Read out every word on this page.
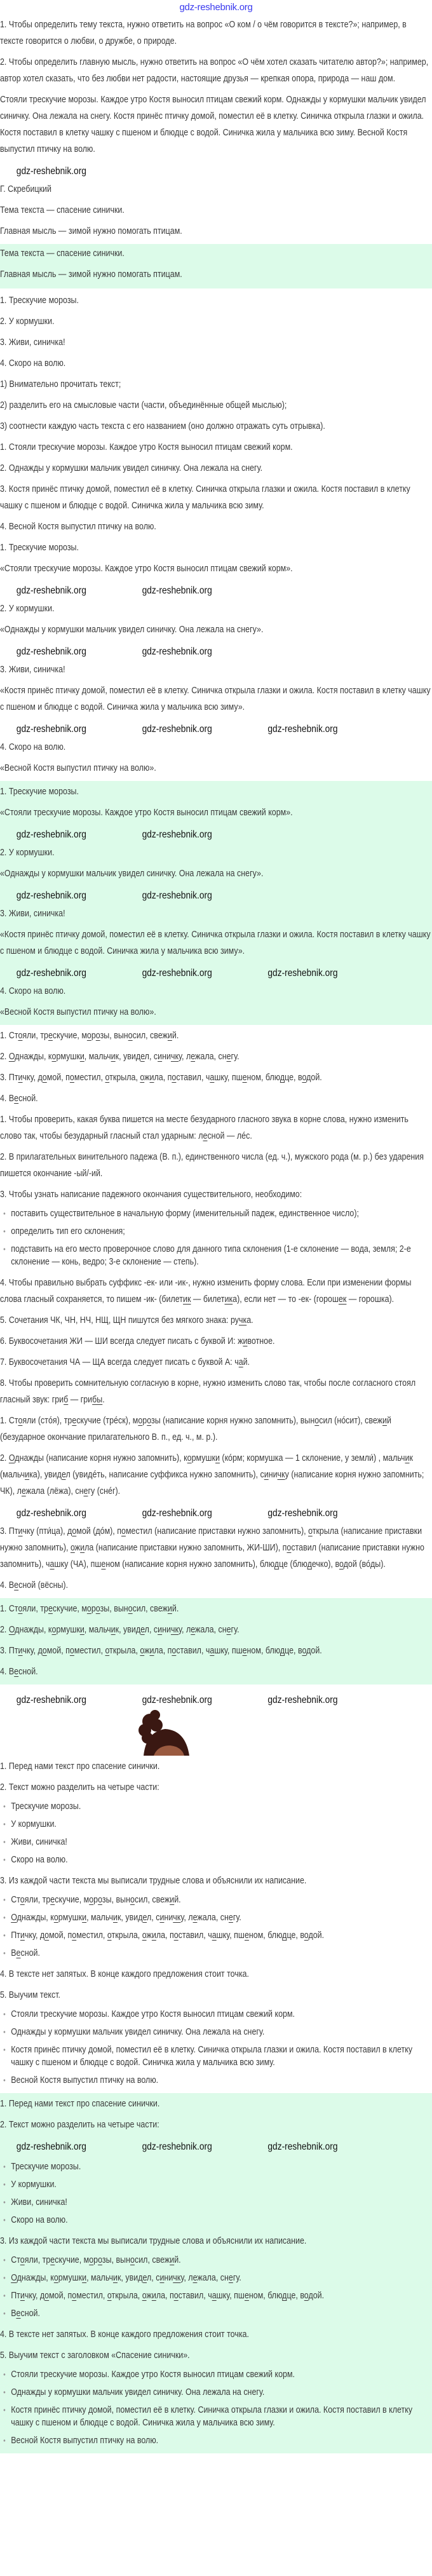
gdz-reshebnik.org

1. Чтобы определить тему текста, нужно ответить на вопрос «О ком / о чём говорится в тексте?»; например, в тексте говорится о любви, о дружбе, о природе.

2. Чтобы определить главную мысль, нужно ответить на вопрос «О чём хотел сказать читателю автор?»; например, автор хотел сказать, что без любви нет радости, настоящие друзья — крепкая опора, природа — наш дом.

Стояли трескучие морозы. Каждое утро Костя выносил птицам свежий корм. Однажды у кормушки мальчик увидел синичку. Она лежала на снегу. Костя принёс птичку домой, поместил её в клетку. Синичка открыла глазки и ожила. Костя поставил в клетку чашку с пшеном и блюдце с водой. Синичка жила у мальчика всю зиму. Весной Костя выпустил птичку на волю.

gdz-reshebnik.org

Г. Скребицкий

Тема текста — спасение синички.

Главная мысль — зимой нужно помогать птицам.

Тема текста — спасение синички.

Главная мысль — зимой нужно помогать птицам.

1. Трескучие морозы.

2. У кормушки.

3. Живи, синичка!

4. Скоро на волю.

1) Внимательно прочитать текст;

2) разделить его на смысловые части (части, объединённые общей мыслью);

3) соотнести каждую часть текста с его названием (оно должно отражать суть отрывка).

1. Стояли трескучие морозы. Каждое утро Костя выносил птицам свежий корм.

2. Однажды у кормушки мальчик увидел синичку. Она лежала на снегу.

3. Костя принёс птичку домой, поместил её в клетку. Синичка открыла глазки и ожила. Костя поставил в клетку чашку с пшеном и блюдце с водой. Синичка жила у мальчика всю зиму.

4. Весной Костя выпустил птичку на волю.

1. Трескучие морозы.

«Стояли трескучие морозы. Каждое утро Костя выносил птицам свежий корм».

gdz-reshebnik.org	gdz-reshebnik.org

2. У кормушки.

«Однажды у кормушки мальчик увидел синичку. Она лежала на снегу».

gdz-reshebnik.org	gdz-reshebnik.org

3. Живи, синичка!

«Костя принёс птичку домой, поместил её в клетку. Синичка открыла глазки и ожила. Костя поставил в клетку чашку с пшеном и блюдце с водой. Синичка жила у мальчика всю зиму».

gdz-reshebnik.org	gdz-reshebnik.org	gdz-reshebnik.org

4. Скоро на волю.

«Весной Костя выпустил птичку на волю».

1. Трескучие морозы.

«Стояли трескучие морозы. Каждое утро Костя выносил птицам свежий корм».

gdz-reshebnik.org	gdz-reshebnik.org

2. У кормушки.

«Однажды у кормушки мальчик увидел синичку. Она лежала на снегу».

gdz-reshebnik.org	gdz-reshebnik.org

3. Живи, синичка!

«Костя принёс птичку домой, поместил её в клетку. Синичка открыла глазки и ожила. Костя поставил в клетку чашку с пшеном и блюдце с водой. Синичка жила у мальчика всю зиму».

gdz-reshebnik.org	gdz-reshebnik.org	gdz-reshebnik.org

4. Скоро на волю.

«Весной Костя выпустил птичку на волю».

1. Стояли, трескучие, морозы, выносил, свежий.

2. Однажды, кормушки, мальчик, увидел, синичку, лежала, снегу.

3. Птичку, домой, поместил, открыла, ожила, поставил, чашку, пшеном, блюдце, водой.

4. Весной.

1. Чтобы проверить, какая буква пишется на месте безударного гласного звука в корне слова, нужно изменить слово так, чтобы безударный гласный стал ударным: лесной — лéс.

2. В прилагательных винительного падежа (В. п.), единственного числа (ед. ч.), мужского рода (м. р.) без ударения пишется окончание -ый/-ий.

3. Чтобы узнать написание падежного окончания существительного, необходимо:

• поставить существительное в начальную форму (именительный падеж, единственное число);
• определить тип его склонения;
• подставить на его место проверочное слово для данного типа склонения (1-е склонение — вода, земля; 2-е склонение — конь, ведро; 3-е склонение — степь).

4. Чтобы правильно выбрать суффикс -ек- или -ик-, нужно изменить форму слова. Если при изменении формы слова гласный сохраняется, то пишем -ик- (билетик — билетика), если нет — то -ек- (горошек — горошка).

5. Сочетания ЧК, ЧН, НЧ, НЩ, ЩН пишутся без мягкого знака: ручка.

6. Буквосочетания ЖИ — ШИ всегда следует писать с буквой И: животное.

7. Буквосочетания ЧА — ЩА всегда следует писать с буквой А: чай.

8. Чтобы проверить сомнительную согласную в корне, нужно изменить слово так, чтобы после согласного стоял гласный звук: гриб — грибы.

1. Стояли (стóя), трескучие (трéск), морозы (написание корня нужно запомнить), выносил (нóсит), свежий (безударное окончание прилагательного В. п., ед. ч., м. р.).

2. Однажды (написание корня нужно запомнить), кормушки (кóрм; кормушка — 1 склонение, у земли́) , мальчик (мальчика), увидел (увидéть, написание суффикса нужно запомнить), синичку (написание корня нужно запомнить; ЧК), лежала (лёжа), снегу (снéг).

gdz-reshebnik.org	gdz-reshebnik.org	gdz-reshebnik.org

3. Птичку (пти́ца), домой (дóм), поместил (написание приставки нужно запомнить), открыла (написание приставки нужно запомнить), ожила (написание приставки нужно запомнить, ЖИ-ШИ), поставил (написание приставки нужно запомнить), чашку (ЧА), пшеном (написание корня нужно запомнить), блюдце (блюдечко), водой (вóды).

4. Весной (вёсны).

1. Стояли, трескучие, морозы, выносил, свежий.

2. Однажды, кормушки, мальчик, увидел, синичку, лежала, снегу.

3. Птичку, домой, поместил, открыла, ожила, поставил, чашку, пшеном, блюдце, водой.

4. Весной.

gdz-reshebnik.org	gdz-reshebnik.org	gdz-reshebnik.org

1. Перед нами текст про спасение синички.

2. Текст можно разделить на четыре части:

• Трескучие морозы.
• У кормушки.
• Живи, синичка!
• Скоро на волю.

3. Из каждой части текста мы выписали трудные слова и объяснили их написание.

• Стояли, трескучие, морозы, выносил, свежий.
• Однажды, кормушки, мальчик, увидел, синичку, лежала, снегу.
• Птичку, домой, поместил, открыла, ожила, поставил, чашку, пшеном, блюдце, водой.
• Весной.

4. В тексте нет запятых. В конце каждого предложения стоит точка.

5. Выучим текст.

• Стояли трескучие морозы. Каждое утро Костя выносил птицам свежий корм.
• Однажды у кормушки мальчик увидел синичку. Она лежала на снегу.
• Костя принёс птичку домой, поместил её в клетку. Синичка открыла глазки и ожила. Костя поставил в клетку чашку с пшеном и блюдце с водой. Синичка жила у мальчика всю зиму.
• Весной Костя выпустил птичку на волю.

1. Перед нами текст про спасение синички.

2. Текст можно разделить на четыре части:

gdz-reshebnik.org	gdz-reshebnik.org	gdz-reshebnik.org
• Трескучие морозы.
• У кормушки.
• Живи, синичка!
• Скоро на волю.

3. Из каждой части текста мы выписали трудные слова и объяснили их написание.

• Стояли, трескучие, морозы, выносил, свежий.
• Однажды, кормушки, мальчик, увидел, синичку, лежала, снегу.
• Птичку, домой, поместил, открыла, ожила, поставил, чашку, пшеном, блюдце, водой.
• Весной.

4. В тексте нет запятых. В конце каждого предложения стоит точка.

5. Выучим текст с заголовком «Спасение синички».

• Стояли трескучие морозы. Каждое утро Костя выносил птицам свежий корм.
• Однажды у кормушки мальчик увидел синичку. Она лежала на снегу.
• Костя принёс птичку домой, поместил её в клетку. Синичка открыла глазки и ожила. Костя поставил в клетку чашку с пшеном и блюдце с водой. Синичка жила у мальчика всю зиму.
• Весной Костя выпустил птичку на волю.
